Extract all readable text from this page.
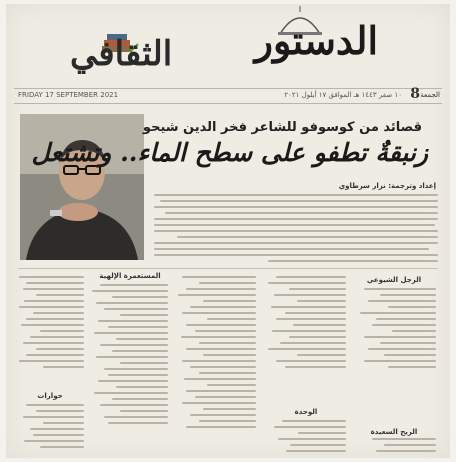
الدستور
الثقافي
FRIDAY 17 SEPTEMBER 2021	١٠ صفر ١٤٤٣ هـ الموافق ١٧ أيلول ٢٠٢١ 8 الجمعة
قصائد من كوسوفو للشاعر فخر الدين شيحو
زنبقةٌ تطفو على سطح الماء.. وتشتعل
إعداد وترجمة: نزار سرطاوي
الرجل الشيوعي
الريح السعيدة
الوحدة
المستعمرة الإلهية
حوارات
